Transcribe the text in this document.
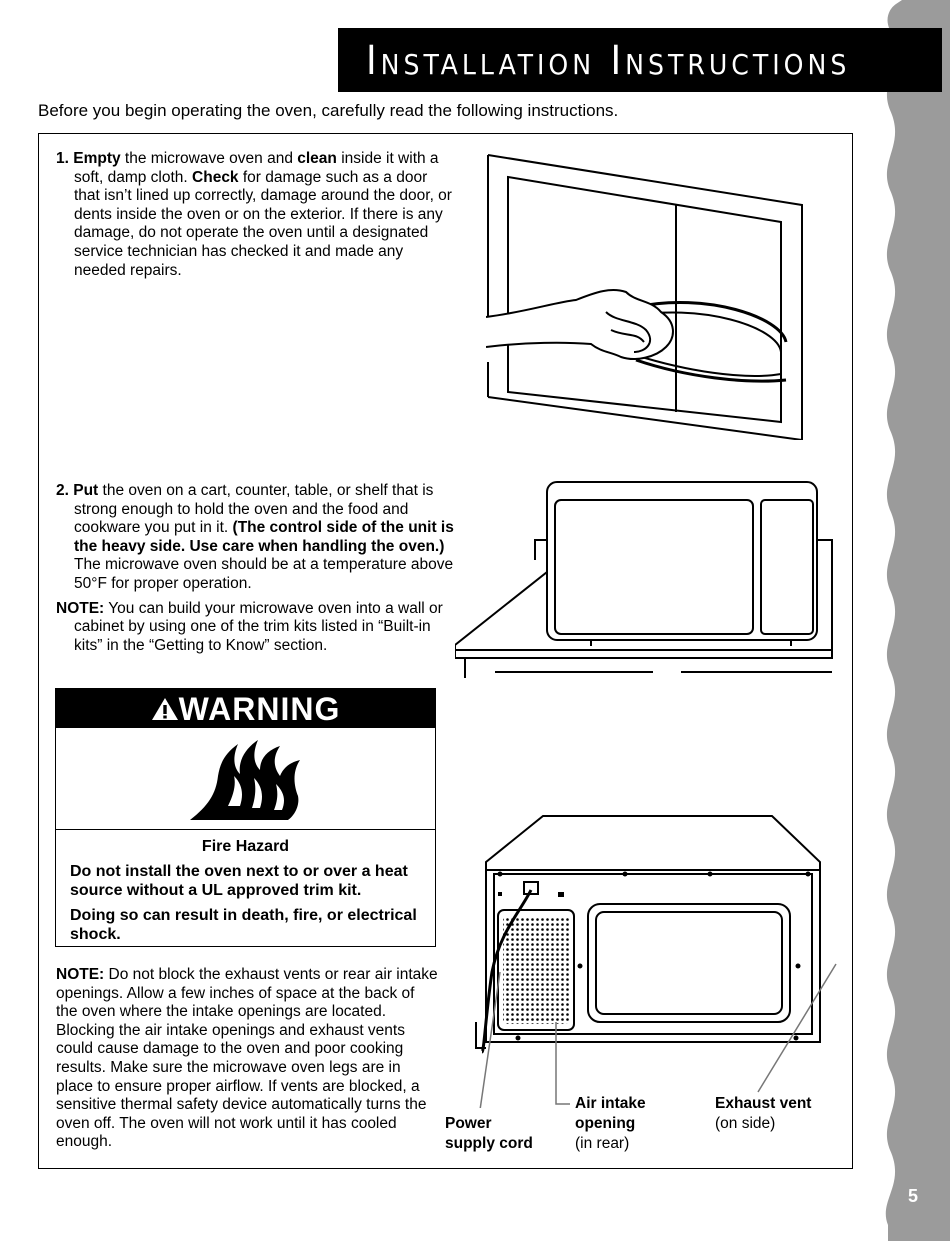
5
Installation Instructions
Before you begin operating the oven, carefully read the following instructions.

1. Empty the microwave oven and clean inside it with a soft, damp cloth. Check for damage such as a door that isn’t lined up correctly, damage around the door, or dents inside the oven or on the exterior. If there is any damage, do not operate the oven until a designated service technician has checked it and made any needed repairs.

2. Put the oven on a cart, counter, table, or shelf that is strong enough to hold the oven and the food and cookware you put in it. (The control side of the unit is the heavy side. Use care when handling the oven.) The microwave oven should be at a temperature above 50°F for proper operation.

NOTE: You can build your microwave oven into a wall or cabinet by using one of the trim kits listed in “Built-in kits” in the “Getting to Know” section.

WARNING
Fire Hazard
Do not install the oven next to or over a heat source without a UL approved trim kit.
Doing so can result in death, fire, or electrical shock.

NOTE: Do not block the exhaust vents or rear air intake openings. Allow a few inches of space at the back of the oven where the intake openings are located. Blocking the air intake openings and exhaust vents could cause damage to the oven and poor cooking results. Make sure the microwave oven legs are in place to ensure proper airflow. If vents are blocked, a sensitive thermal safety device automatically turns the oven off. The oven will not work until it has cooled enough.

Power
supply cord
Air intake
opening
(in rear)
Exhaust vent
(on side)
